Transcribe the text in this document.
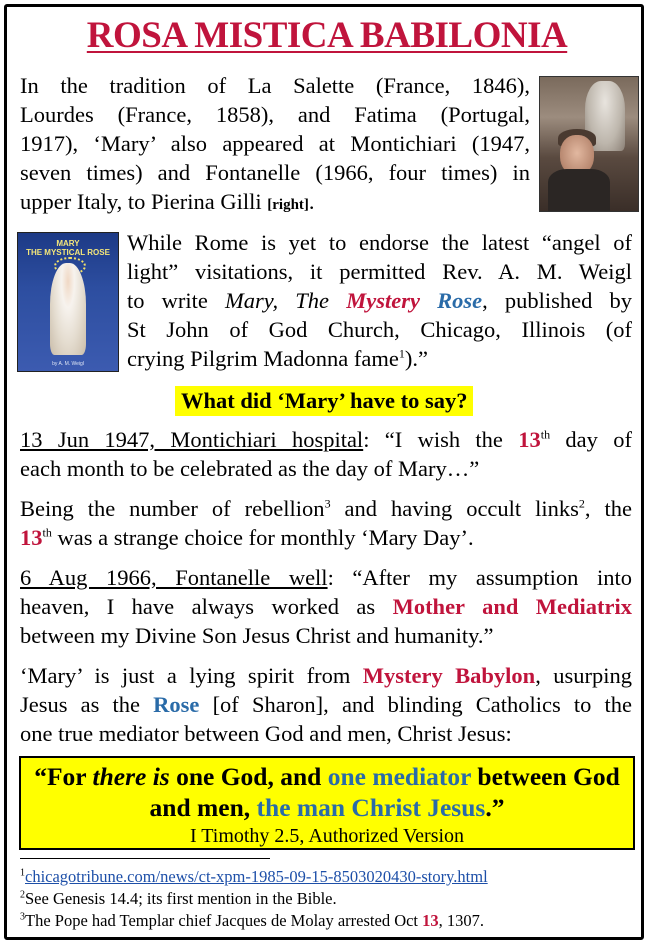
ROSA MISTICA BABILONIA
In the tradition of La Salette (France, 1846),
Lourdes (France, 1858), and Fatima (Portugal,
1917), ‘Mary’ also appeared at Montichiari (1947,
seven times) and Fontanelle (1966, four times) in
upper Italy, to Pierina Gilli [right].
MARY
THE MYSTICAL ROSE
by A. M. Weigl
While Rome is yet to endorse the latest “angel of
light” visitations, it permitted Rev. A. M. Weigl
to write Mary, The Mystery Rose, published by
St John of God Church, Chicago, Illinois (of
crying Pilgrim Madonna fame$^1$).”
What did ‘Mary’ have to say?
13 Jun 1947, Montichiari hospital: “I wish the 13th day of
each month to be celebrated as the day of Mary…”
Being the number of rebellion$^3$ and having occult links$^2$, the
13th was a strange choice for monthly ‘Mary Day’.
6 Aug 1966, Fontanelle well: “After my assumption into
heaven, I have always worked as Mother and Mediatrix
between my Divine Son Jesus Christ and humanity.”
‘Mary’ is just a lying spirit from Mystery Babylon, usurping
Jesus as the Rose [of Sharon], and blinding Catholics to the
one true mediator between God and men, Christ Jesus:
“For there is one God, and one mediator between God
and men, the man Christ Jesus.”
I Timothy 2.5, Authorized Version
$^1$chicagotribune.com/news/ct-xpm-1985-09-15-8503020430-story.html
$^2$See Genesis 14.4; its first mention in the Bible.
$^3$The Pope had Templar chief Jacques de Molay arrested Oct 13, 1307.
